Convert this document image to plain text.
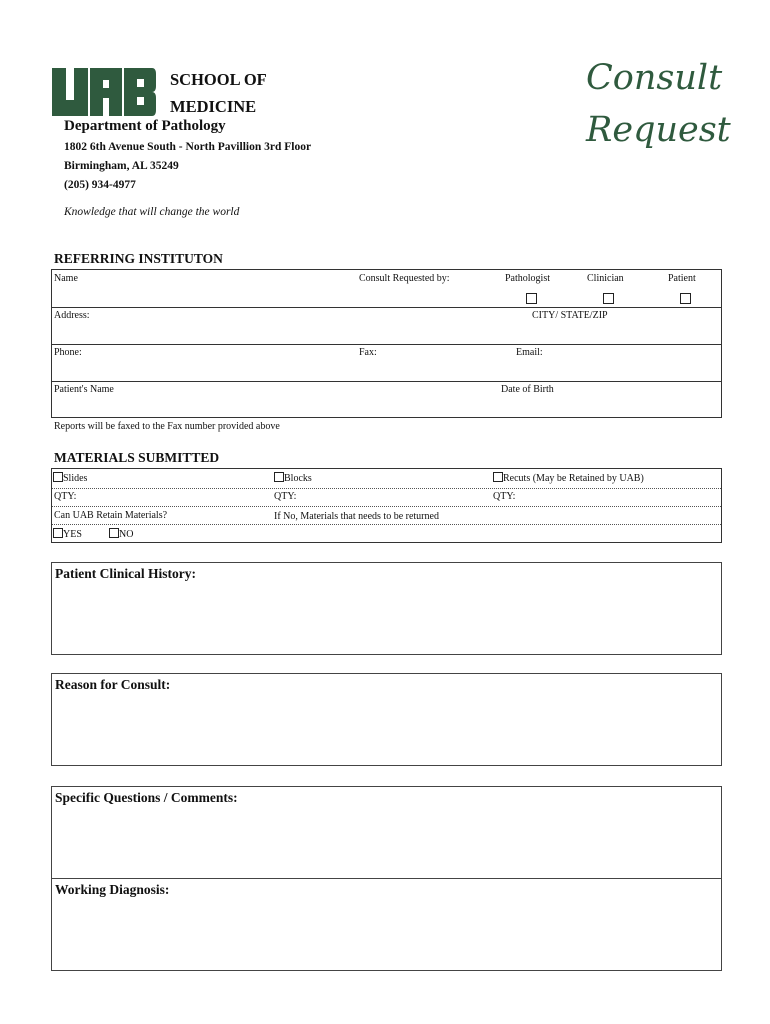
SCHOOL OF
MEDICINE
Department of Pathology
1802 6th Avenue South - North Pavillion 3rd Floor
Birmingham, AL 35249
(205) 934-4977
Knowledge that will change the world
Consult
Request
REFERRING INSTITUTON
Name	Consult Requested by:	Pathologist	Clinician	Patient
Address:	CITY/ STATE/ZIP
Phone:	Fax:	Email:
Patient's Name	Date of Birth
Reports will be faxed to the Fax number provided above
MATERIALS SUBMITTED
Slides	Blocks	Recuts (May be Retained by UAB)
QTY:	QTY:	QTY:
Can UAB Retain Materials?	If No, Materials that needs to be returned
YES	NO
Patient Clinical History:
Reason for Consult:
Specific Questions / Comments:
Working Diagnosis:
